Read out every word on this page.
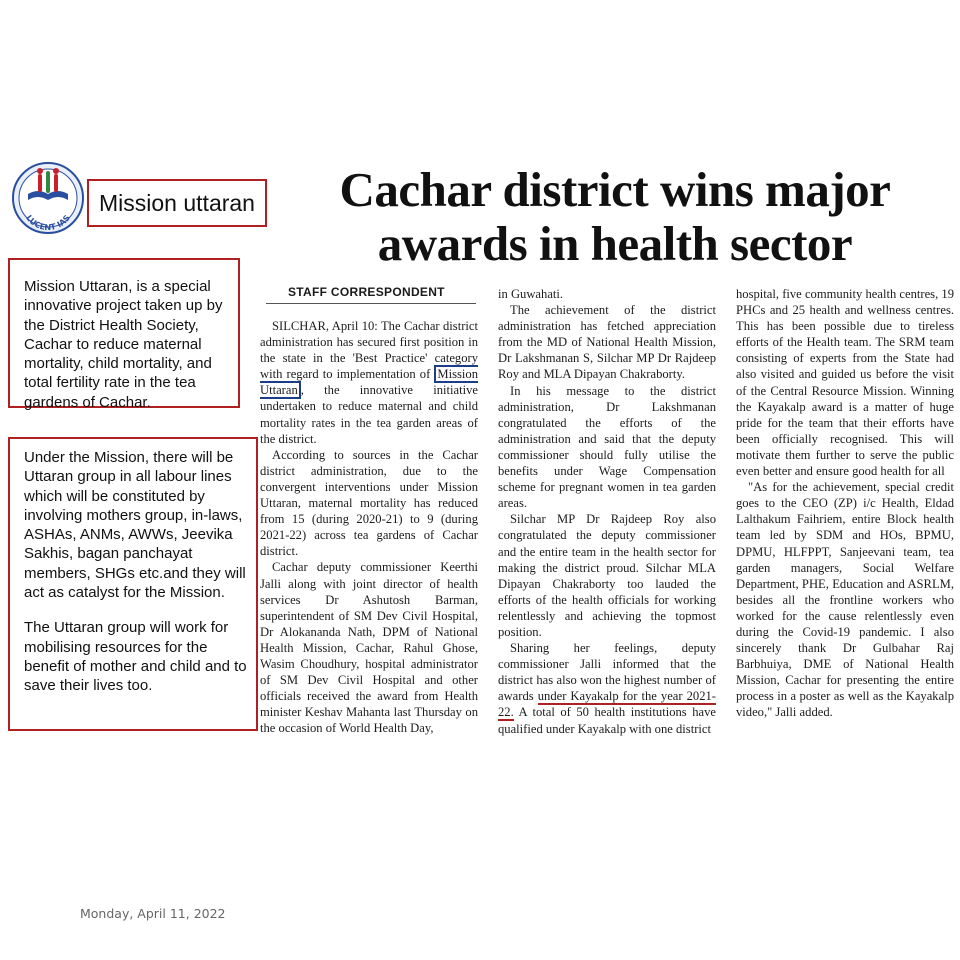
LUCENT IAS
Mission uttaran	Cachar district wins major awards in health sector
Mission Uttaran, is a special innovative project taken up by the District Health Society, Cachar to reduce maternal mortality, child mortality, and total fertility rate in the tea gardens of Cachar.

Under the Mission, there will be Uttaran group in all labour lines which will be constituted by involving mothers group, in-laws, ASHAs, ANMs, AWWs, Jeevika Sakhis, bagan panchayat members, SHGs etc.and they will act as catalyst for the Mission.

The Uttaran group will work for mobilising resources for the benefit of mother and child and to save their lives too.

STAFF CORRESPONDENT

SILCHAR, April 10: The Cachar district administration has secured first position in the state in the 'Best Practice' category with regard to implementation of Mission Uttaran , the innovative initiative undertaken to reduce maternal and child mortality rates in the tea garden areas of the district.

According to sources in the Cachar district administration, due to the convergent interventions under Mission Uttaran, maternal mortality has reduced from 15 (during 2020-21) to 9 (during 2021-22) across tea gardens of Cachar district.

Cachar deputy commissioner Keerthi Jalli along with joint director of health services Dr Ashutosh Barman, superintendent of SM Dev Civil Hospital, Dr Alokananda Nath, DPM of National Health Mission, Cachar, Rahul Ghose, Wasim Choudhury, hospital administrator of SM Dev Civil Hospital and other officials received the award from Health minister Keshav Mahanta last Thursday on the occasion of World Health Day,

in Guwahati.

The achievement of the district administration has fetched appreciation from the MD of National Health Mission, Dr Lakshmanan S, Silchar MP Dr Rajdeep Roy and MLA Dipayan Chakraborty.

In his message to the district administration, Dr Lakshmanan congratulated the efforts of the administration and said that the deputy commissioner should fully utilise the benefits under Wage Compensation scheme for pregnant women in tea garden areas.

Silchar MP Dr Rajdeep Roy also congratulated the deputy commissioner and the entire team in the health sector for making the district proud. Silchar MLA Dipayan Chakraborty too lauded the efforts of the health officials for working relentlessly and achieving the topmost position.

Sharing her feelings, deputy commissioner Jalli informed that the district has also won the highest number of awards under Kayakalp for the year 2021-22. A total of 50 health institutions have qualified under Kayakalp with one district

hospital, five community health centres, 19 PHCs and 25 health and wellness centres. This has been possible due to tireless efforts of the Health team. The SRM team consisting of experts from the State had also visited and guided us before the visit of the Central Resource Mission. Winning the Kayakalp award is a matter of huge pride for the team that their efforts have been officially recognised. This will motivate them further to serve the public even better and ensure good health for all

"As for the achievement, special credit goes to the CEO (ZP) i/c Health, Eldad Lalthakum Faihriem, entire Block health team led by SDM and HOs, BPMU, DPMU, HLFPPT, Sanjeevani team, tea garden managers, Social Welfare Department, PHE, Education and ASRLM, besides all the frontline workers who worked for the cause relentlessly even during the Covid-19 pandemic. I also sincerely thank Dr Gulbahar Raj Barbhuiya, DME of National Health Mission, Cachar for presenting the entire process in a poster as well as the Kayakalp video," Jalli added.

Monday, April 11, 2022
